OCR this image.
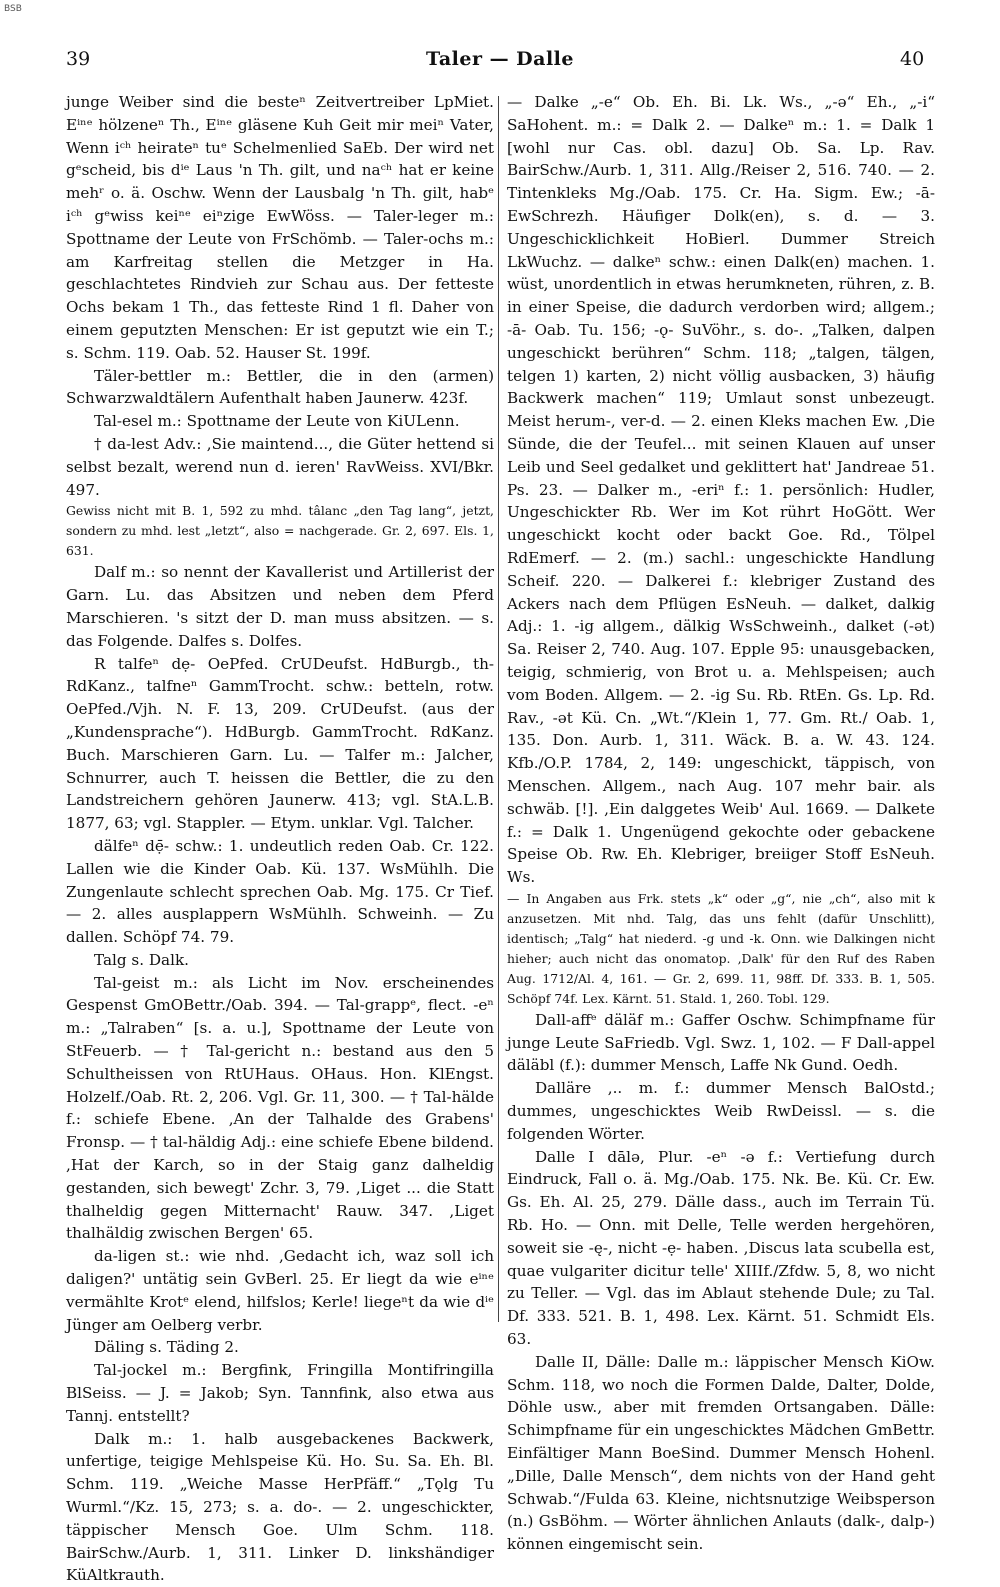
BSB
39	Taler — Dalle	40

junge Weiber sind die besteⁿ Zeitvertreiber LpMiet. Eⁱⁿᵉ hölzeneⁿ Th., Eⁱⁿᵉ gläsene Kuh Geit mir meiⁿ Vater, Wenn iᶜʰ heirateⁿ tuᵉ Schelmenlied SaEb. Der wird net gᵉscheid, bis dⁱᵉ Laus 'n Th. gilt, und naᶜʰ hat er keine mehʳ o. ä. Oschw. Wenn der Lausbalg 'n Th. gilt, habᵉ iᶜʰ gᵉwiss keiⁿᵉ eiⁿzige EwWöss. — Taler-leger m.: Spottname der Leute von FrSchömb. — Taler-ochs m.: am Karfreitag stellen die Metzger in Ha. geschlachtetes Rindvieh zur Schau aus. Der fetteste Ochs bekam 1 Th., das fetteste Rind 1 fl. Daher von einem geputzten Menschen: Er ist geputzt wie ein T.; s. Schm. 119. Oab. 52. Hauser St. 199f.

Täler-bettler m.: Bettler, die in den (armen) Schwarzwaldtälern Aufenthalt haben Jaunerw. 423f.

Tal-esel m.: Spottname der Leute von KiULenn.

† da-lest Adv.: ,Sie maintend..., die Güter hettend si selbst bezalt, werend nun d. ieren' RavWeiss. XVI/Bkr. 497.

Gewiss nicht mit B. 1, 592 zu mhd. tâlanc „den Tag lang“, jetzt, sondern zu mhd. lest „letzt“, also = nachgerade. Gr. 2, 697. Els. 1, 631.

Dalf m.: so nennt der Kavallerist und Artillerist der Garn. Lu. das Absitzen und neben dem Pferd Marschieren. 's sitzt der D. man muss absitzen. — s. das Folgende. Dalfes s. Dolfes.

R talfeⁿ dẹ- OePfed. CrUDeufst. HdBurgb., th- RdKanz., talfneⁿ GammTrocht. schw.: betteln, rotw. OePfed./Vjh. N. F. 13, 209. CrUDeufst. (aus der „Kundensprache“). HdBurgb. GammTrocht. RdKanz. Buch. Marschieren Garn. Lu. — Talfer m.: Jalcher, Schnurrer, auch T. heissen die Bettler, die zu den Landstreichern gehören Jaunerw. 413; vgl. StA.L.B. 1877, 63; vgl. Stappler. — Etym. unklar. Vgl. Talcher.

dälfeⁿ dẹ̄- schw.: 1. undeutlich reden Oab. Cr. 122. Lallen wie die Kinder Oab. Kü. 137. WsMühlh. Die Zungenlaute schlecht sprechen Oab. Mg. 175. Cr Tief. — 2. alles ausplappern WsMühlh. Schweinh. — Zu dallen. Schöpf 74. 79.

Talg s. Dalk.

Tal-geist m.: als Licht im Nov. erscheinendes Gespenst GmOBettr./Oab. 394. — Tal-grappᵉ, flect. -eⁿ m.: „Talraben“ [s. a. u.], Spottname der Leute von StFeuerb. — † Tal-gericht n.: bestand aus den 5 Schultheissen von RtUHaus. OHaus. Hon. KlEngst. Holzelf./Oab. Rt. 2, 206. Vgl. Gr. 11, 300. — † Tal-hälde f.: schiefe Ebene. ,An der Talhalde des Grabens' Fronsp. — † tal-häldig Adj.: eine schiefe Ebene bildend. ,Hat der Karch, so in der Staig ganz dalheldig gestanden, sich bewegt' Zchr. 3, 79. ,Liget ... die Statt thalheldig gegen Mitternacht' Rauw. 347. ,Liget thalhäldig zwischen Bergen' 65.

da-ligen st.: wie nhd. ,Gedacht ich, waz soll ich daligen?' untätig sein GvBerl. 25. Er liegt da wie eⁱⁿᵉ vermählte Krotᵉ elend, hilfslos; Kerle! liegeⁿt da wie dⁱᵉ Jünger am Oelberg verbr.

Däling s. Täding 2.

Tal-jockel m.: Bergfink, Fringilla Montifringilla BlSeiss. — J. = Jakob; Syn. Tannfink, also etwa aus Tannj. entstellt?

Dalk m.: 1. halb ausgebackenes Backwerk, unfertige, teigige Mehlspeise Kü. Ho. Su. Sa. Eh. Bl. Schm. 119. „Weiche Masse HerPfäff.“ „Tǫlg Tu Wurml.“/Kz. 15, 273; s. a. do-. — 2. ungeschickter, täppischer Mensch Goe. Ulm Schm. 118. BairSchw./Aurb. 1, 311. Linker D. linkshändiger KüAltkrauth.

— Dalke „-e“ Ob. Eh. Bi. Lk. Ws., „-ə“ Eh., „-i“ SaHohent. m.: = Dalk 2. — Dalkeⁿ m.: 1. = Dalk 1 [wohl nur Cas. obl. dazu] Ob. Sa. Lp. Rav. BairSchw./Aurb. 1, 311. Allg./Reiser 2, 516. 740. — 2. Tintenkleks Mg./Oab. 175. Cr. Ha. Sigm. Ew.; -ā- EwSchrezh. Häufiger Dolk(en), s. d. — 3. Ungeschicklichkeit HoBierl. Dummer Streich LkWuchz. — dalkeⁿ schw.: einen Dalk(en) machen. 1. wüst, unordentlich in etwas herumkneten, rühren, z. B. in einer Speise, die dadurch verdorben wird; allgem.; -ā- Oab. Tu. 156; -ǫ- SuVöhr., s. do-. „Talken, dalpen ungeschickt berühren“ Schm. 118; „talgen, tälgen, telgen 1) karten, 2) nicht völlig ausbacken, 3) häufig Backwerk machen“ 119; Umlaut sonst unbezeugt. Meist herum-, ver-d. — 2. einen Kleks machen Ew. ,Die Sünde, die der Teufel... mit seinen Klauen auf unser Leib und Seel gedalket und geklittert hat' Jandreae 51. Ps. 23. — Dalker m., -eriⁿ f.: 1. persönlich: Hudler, Ungeschickter Rb. Wer im Kot rührt HoGött. Wer ungeschickt kocht oder backt Goe. Rd., Tölpel RdEmerf. — 2. (m.) sachl.: ungeschickte Handlung Scheif. 220. — Dalkerei f.: klebriger Zustand des Ackers nach dem Pflügen EsNeuh. — dalket, dalkig Adj.: 1. -ig allgem., dälkig WsSchweinh., dalket (-ət) Sa. Reiser 2, 740. Aug. 107. Epple 95: unausgebacken, teigig, schmierig, von Brot u. a. Mehlspeisen; auch vom Boden. Allgem. — 2. -ig Su. Rb. RtEn. Gs. Lp. Rd. Rav., -ət Kü. Cn. „Wt.“/Klein 1, 77. Gm. Rt./ Oab. 1, 135. Don. Aurb. 1, 311. Wäck. B. a. W. 43. 124. Kfb./O.P. 1784, 2, 149: ungeschickt, täppisch, von Menschen. Allgem., nach Aug. 107 mehr bair. als schwäb. [!]. ,Ein dalggetes Weib' Aul. 1669. — Dalkete f.: = Dalk 1. Ungenügend gekochte oder gebackene Speise Ob. Rw. Eh. Klebriger, breiiger Stoff EsNeuh. Ws.

— In Angaben aus Frk. stets „k“ oder „g“, nie „ch“, also mit k anzusetzen. Mit nhd. Talg, das uns fehlt (dafür Unschlitt), identisch; „Talg“ hat niederd. -g und -k. Onn. wie Dalkingen nicht hieher; auch nicht das onomatop. ,Dalk' für den Ruf des Raben Aug. 1712/Al. 4, 161. — Gr. 2, 699. 11, 98ff. Df. 333. B. 1, 505. Schöpf 74f. Lex. Kärnt. 51. Stald. 1, 260. Tobl. 129.

Dall-affᵉ däläf m.: Gaffer Oschw. Schimpfname für junge Leute SaFriedb. Vgl. Swz. 1, 102. — F Dall-appel däläbl (f.): dummer Mensch, Laffe Nk Gund. Oedh.

Dalläre ,.. m. f.: dummer Mensch BalOstd.; dummes, ungeschicktes Weib RwDeissl. — s. die folgenden Wörter.

Dalle I dālə, Plur. -eⁿ -ə f.: Vertiefung durch Eindruck, Fall o. ä. Mg./Oab. 175. Nk. Be. Kü. Cr. Ew. Gs. Eh. Al. 25, 279. Dälle dass., auch im Terrain Tü. Rb. Ho. — Onn. mit Delle, Telle werden hergehören, soweit sie -ę-, nicht -ẹ- haben. ,Discus lata scubella est, quae vulgariter dicitur telle' XIIIf./Zfdw. 5, 8, wo nicht zu Teller. — Vgl. das im Ablaut stehende Dule; zu Tal. Df. 333. 521. B. 1, 498. Lex. Kärnt. 51. Schmidt Els. 63.

Dalle II, Dälle: Dalle m.: läppischer Mensch KiOw. Schm. 118, wo noch die Formen Dalde, Dalter, Dolde, Döhle usw., aber mit fremden Ortsangaben. Dälle: Schimpfname für ein ungeschicktes Mädchen GmBettr. Einfältiger Mann BoeSind. Dummer Mensch Hohenl. „Dille, Dalle Mensch“, dem nichts von der Hand geht Schwab.“/Fulda 63. Kleine, nichtsnutzige Weibsperson (n.) GsBöhm. — Wörter ähnlichen Anlauts (dalk-, dalp-) können eingemischt sein.
